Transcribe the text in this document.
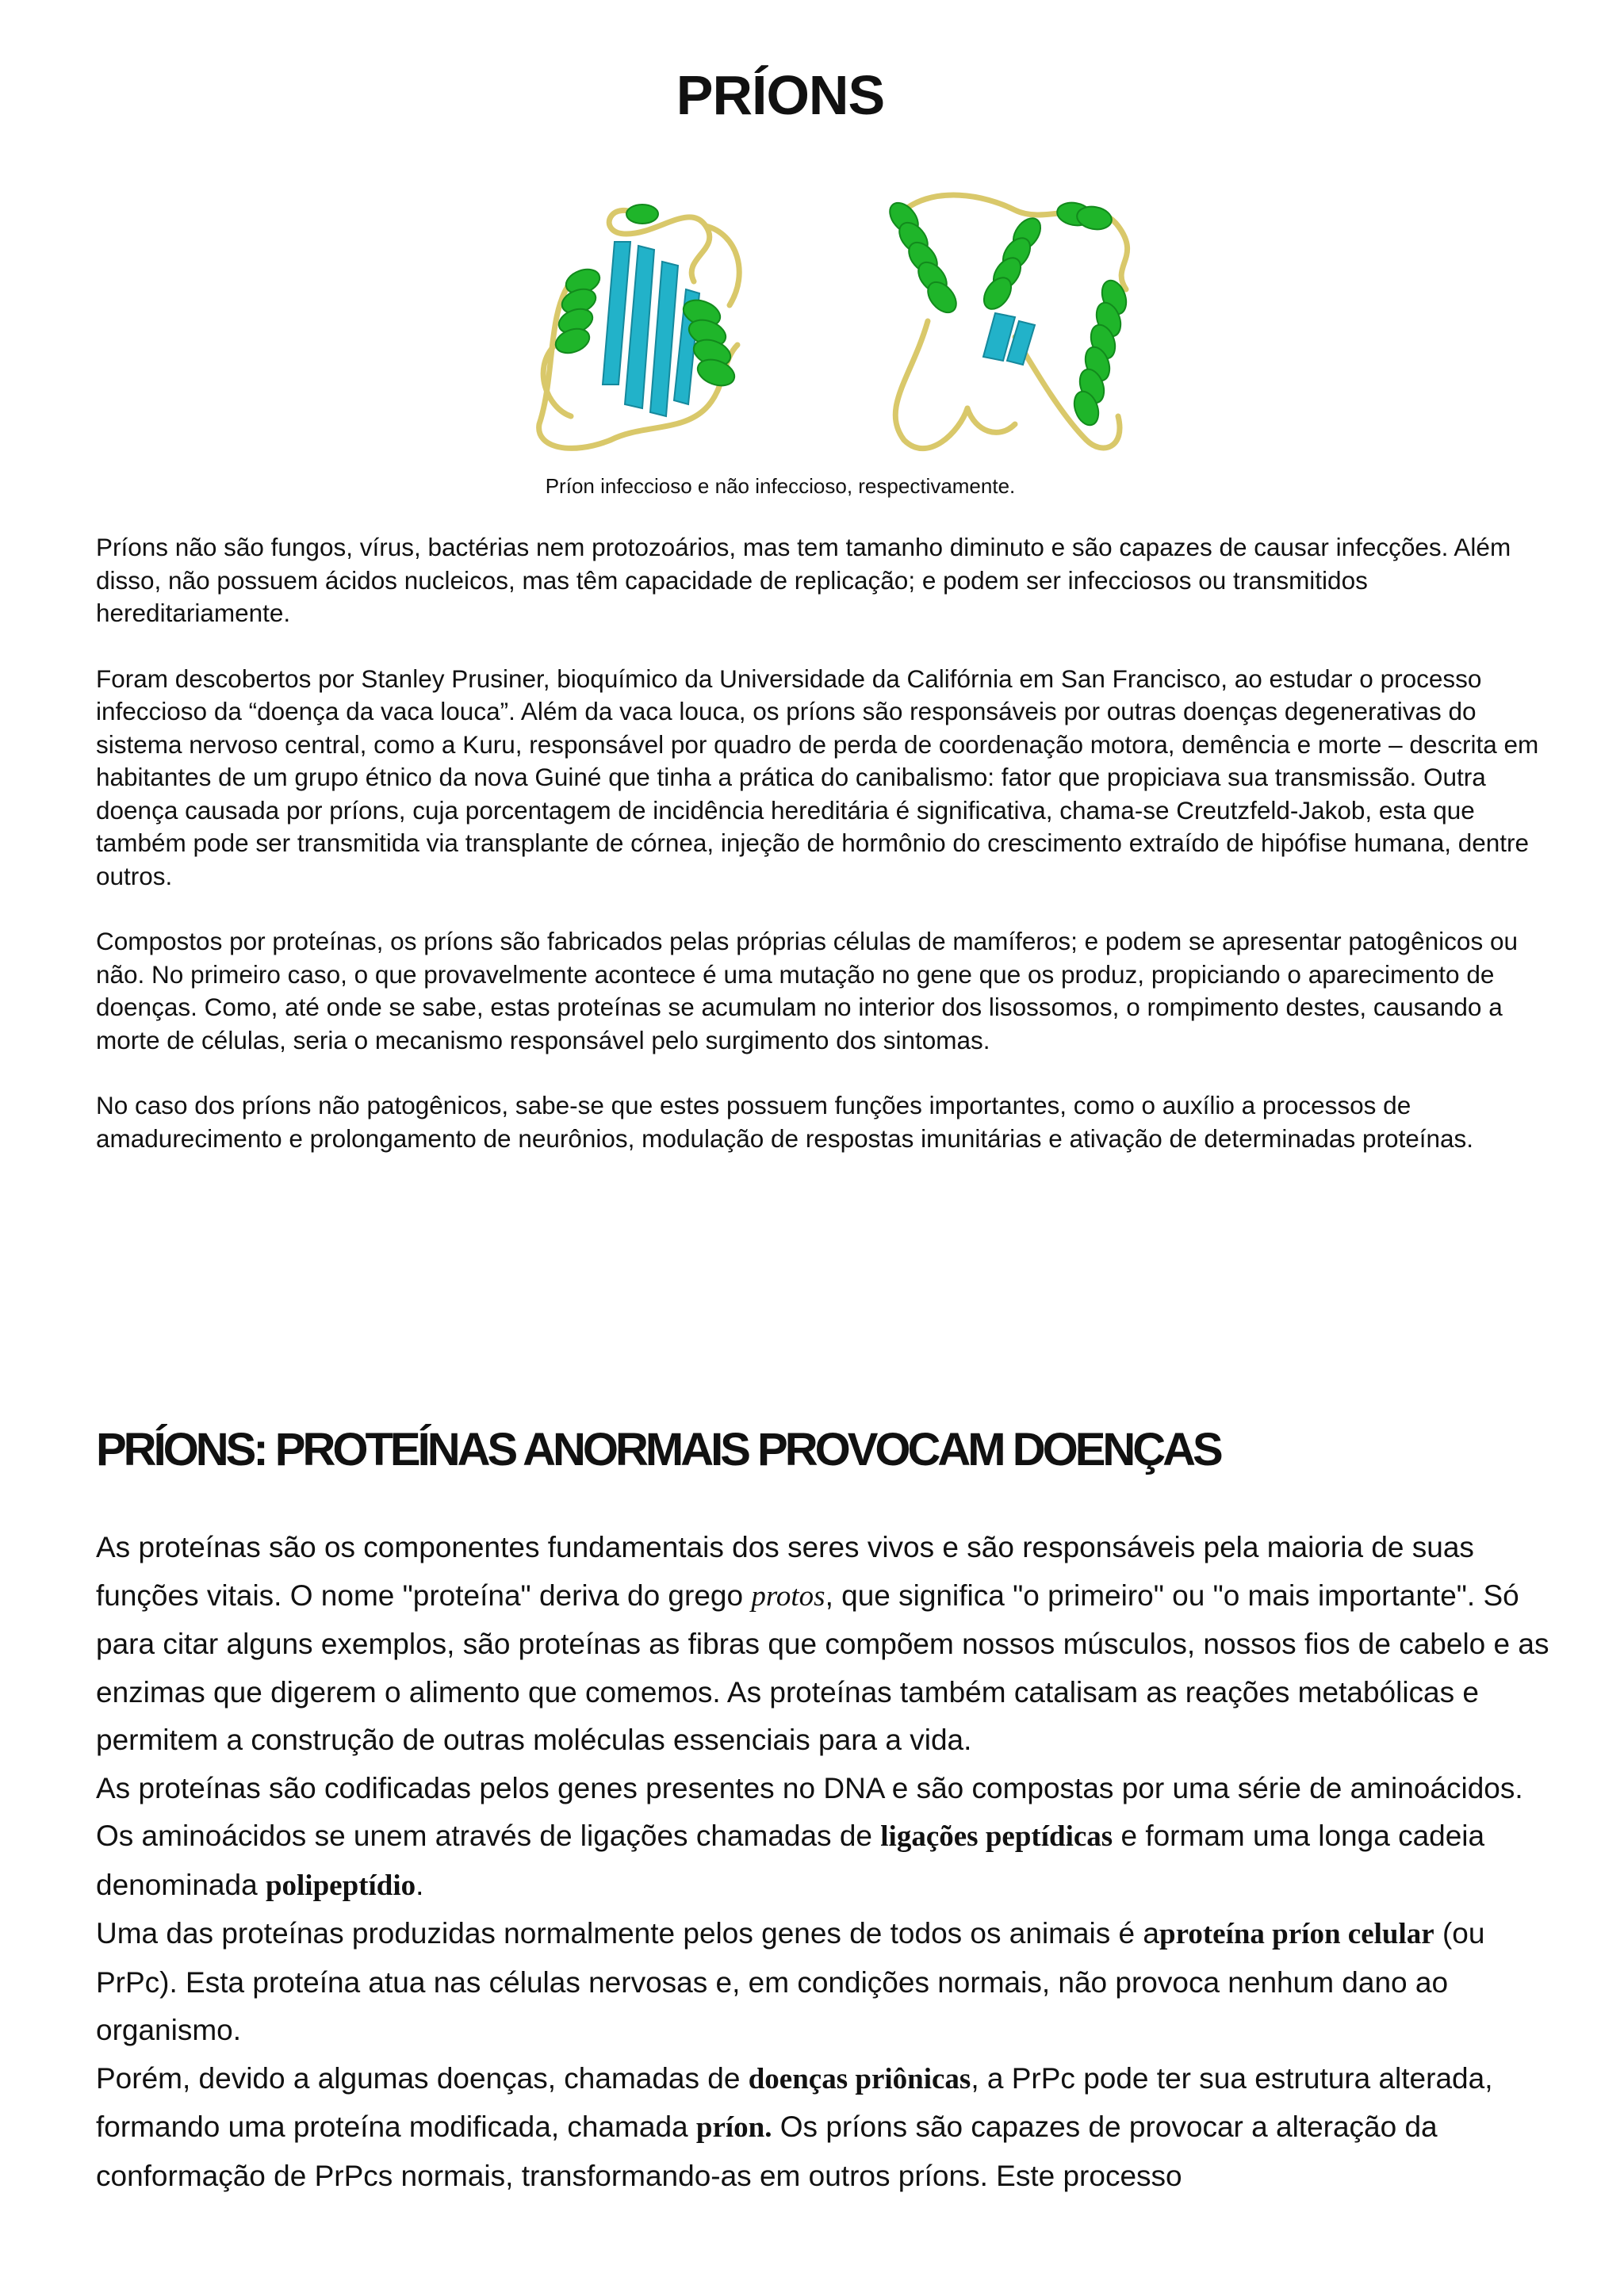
PRÍONS
Príon infeccioso e não infeccioso, respectivamente.

Príons não são fungos, vírus, bactérias nem protozoários, mas tem tamanho diminuto e são capazes de causar infecções. Além disso, não possuem ácidos nucleicos, mas têm capacidade de replicação; e podem ser infecciosos ou transmitidos hereditariamente.

Foram descobertos por Stanley Prusiner, bioquímico da Universidade da Califórnia em San Francisco, ao estudar o processo infeccioso da “doença da vaca louca”. Além da vaca louca, os príons são responsáveis por outras doenças degenerativas do sistema nervoso central, como a Kuru, responsável por quadro de perda de coordenação motora, demência e morte – descrita em habitantes de um grupo étnico da nova Guiné que tinha a prática do canibalismo: fator que propiciava sua transmissão. Outra doença causada por príons, cuja porcentagem de incidência hereditária é significativa, chama-se Creutzfeld-Jakob, esta que também pode ser transmitida via transplante de córnea, injeção de hormônio do crescimento extraído de hipófise humana, dentre outros.

Compostos por proteínas, os príons são fabricados pelas próprias células de mamíferos; e podem se apresentar patogênicos ou não. No primeiro caso, o que provavelmente acontece é uma mutação no gene que os produz, propiciando o aparecimento de doenças. Como, até onde se sabe, estas proteínas se acumulam no interior dos lisossomos, o rompimento destes, causando a morte de células, seria o mecanismo responsável pelo surgimento dos sintomas.

No caso dos príons não patogênicos, sabe-se que estes possuem funções importantes, como o auxílio a processos de amadurecimento e prolongamento de neurônios, modulação de respostas imunitárias e ativação de determinadas proteínas.

PRÍONS: PROTEÍNAS ANORMAIS PROVOCAM DOENÇAS

As proteínas são os componentes fundamentais dos seres vivos e são responsáveis pela maioria de suas funções vitais. O nome "proteína" deriva do grego protos, que significa "o primeiro" ou "o mais importante". Só para citar alguns exemplos, são proteínas as fibras que compõem nossos músculos, nossos fios de cabelo e as enzimas que digerem o alimento que comemos. As proteínas também catalisam as reações metabólicas e permitem a construção de outras moléculas essenciais para a vida.

As proteínas são codificadas pelos genes presentes no DNA e são compostas por uma série de aminoácidos. Os aminoácidos se unem através de ligações chamadas de ligações peptídicas e formam uma longa cadeia denominada polipeptídio.

Uma das proteínas produzidas normalmente pelos genes de todos os animais é aproteína príon celular (ou PrPc). Esta proteína atua nas células nervosas e, em condições normais, não provoca nenhum dano ao organismo.

Porém, devido a algumas doenças, chamadas de doenças priônicas, a PrPc pode ter sua estrutura alterada, formando uma proteína modificada, chamada príon. Os príons são capazes de provocar a alteração da conformação de PrPcs normais, transformando-as em outros príons. Este processo
